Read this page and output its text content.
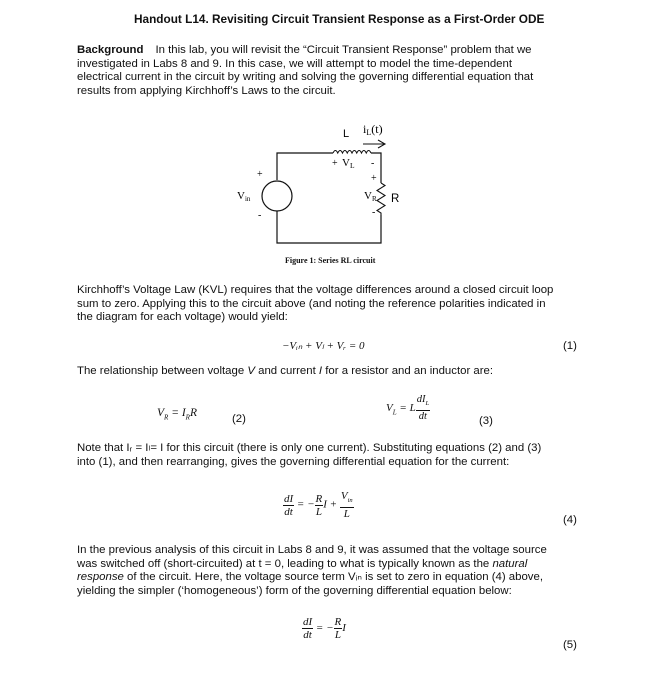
Handout L14. Revisiting Circuit Transient Response as a First-Order ODE
Background In this lab, you will revisit the “Circuit Transient Response” problem that we
investigated in Labs 8 and 9. In this case, we will attempt to model the time-dependent
electrical current in the circuit by writing and solving the governing differential equation that
results from applying Kirchhoff’s Laws to the circuit.
L iL(t)
+ VL -
+
Vin
-
+
VR
-
R
Figure 1: Series RL circuit
Kirchhoff’s Voltage Law (KVL) requires that the voltage differences around a closed circuit loop
sum to zero. Applying this to the circuit above (and noting the reference polarities indicated in
the diagram for each voltage) would yield:
−Vᵢₙ + Vₗ + Vᵣ = 0	(1)
The relationship between voltage V and current I for a resistor and an inductor are:
$V_R = I_RR$	(2)
$V_L = L \frac{dI_L}{dt}$	(3)
Note that Iᵣ = Iₗ= I for this circuit (there is only one current). Substituting equations (2) and (3)
into (1), and then rearranging, gives the governing differential equation for the current:
$\frac{dI}{dt}$ = − $\frac{R}{L}$ $I + \frac{V_{in}}{L}$	(4)
In the previous analysis of this circuit in Labs 8 and 9, it was assumed that the voltage source
was switched off (short-circuited) at t = 0, leading to what is typically known as the natural
response of the circuit. Here, the voltage source term Vᵢₙ is set to zero in equation (4) above,
yielding the simpler (‘homogeneous’) form of the governing differential equation below:
$\frac{dI}{dt}$ = − $\frac{R}{L}$ I
(5)
